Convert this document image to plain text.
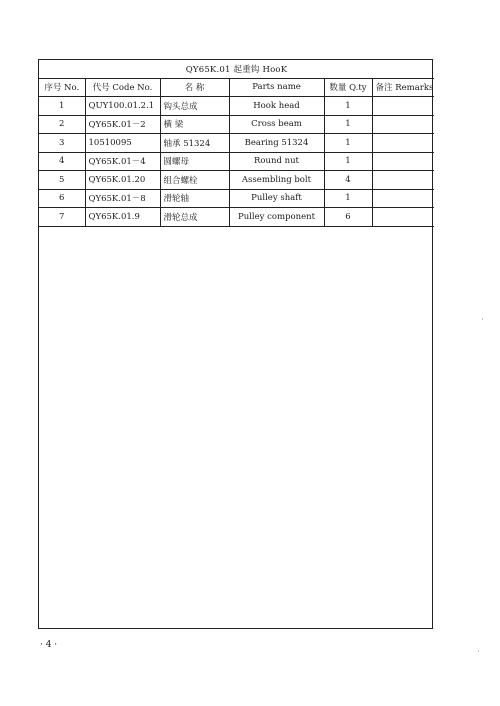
QY65K.01 起重钩 HooK					
序号 No.	代号 Code No.	名 称	Parts name	数量 Q.ty	备注 Remarks
1	QUY100.01.2.1	钩头总成	Hook head	1	
2	QY65K.01－2	横 梁	Cross beam	1	
3	10510095	轴承 51324	Bearing 51324	1	
4	QY65K.01－4	圆螺母	Round nut	1	
5	QY65K.01.20	组合螺栓	Assembling bolt	4	
6	QY65K.01－8	滑轮轴	Pulley shaft	1	
7	QY65K.01.9	滑轮总成	Pulley component	6	
· 4 ·
